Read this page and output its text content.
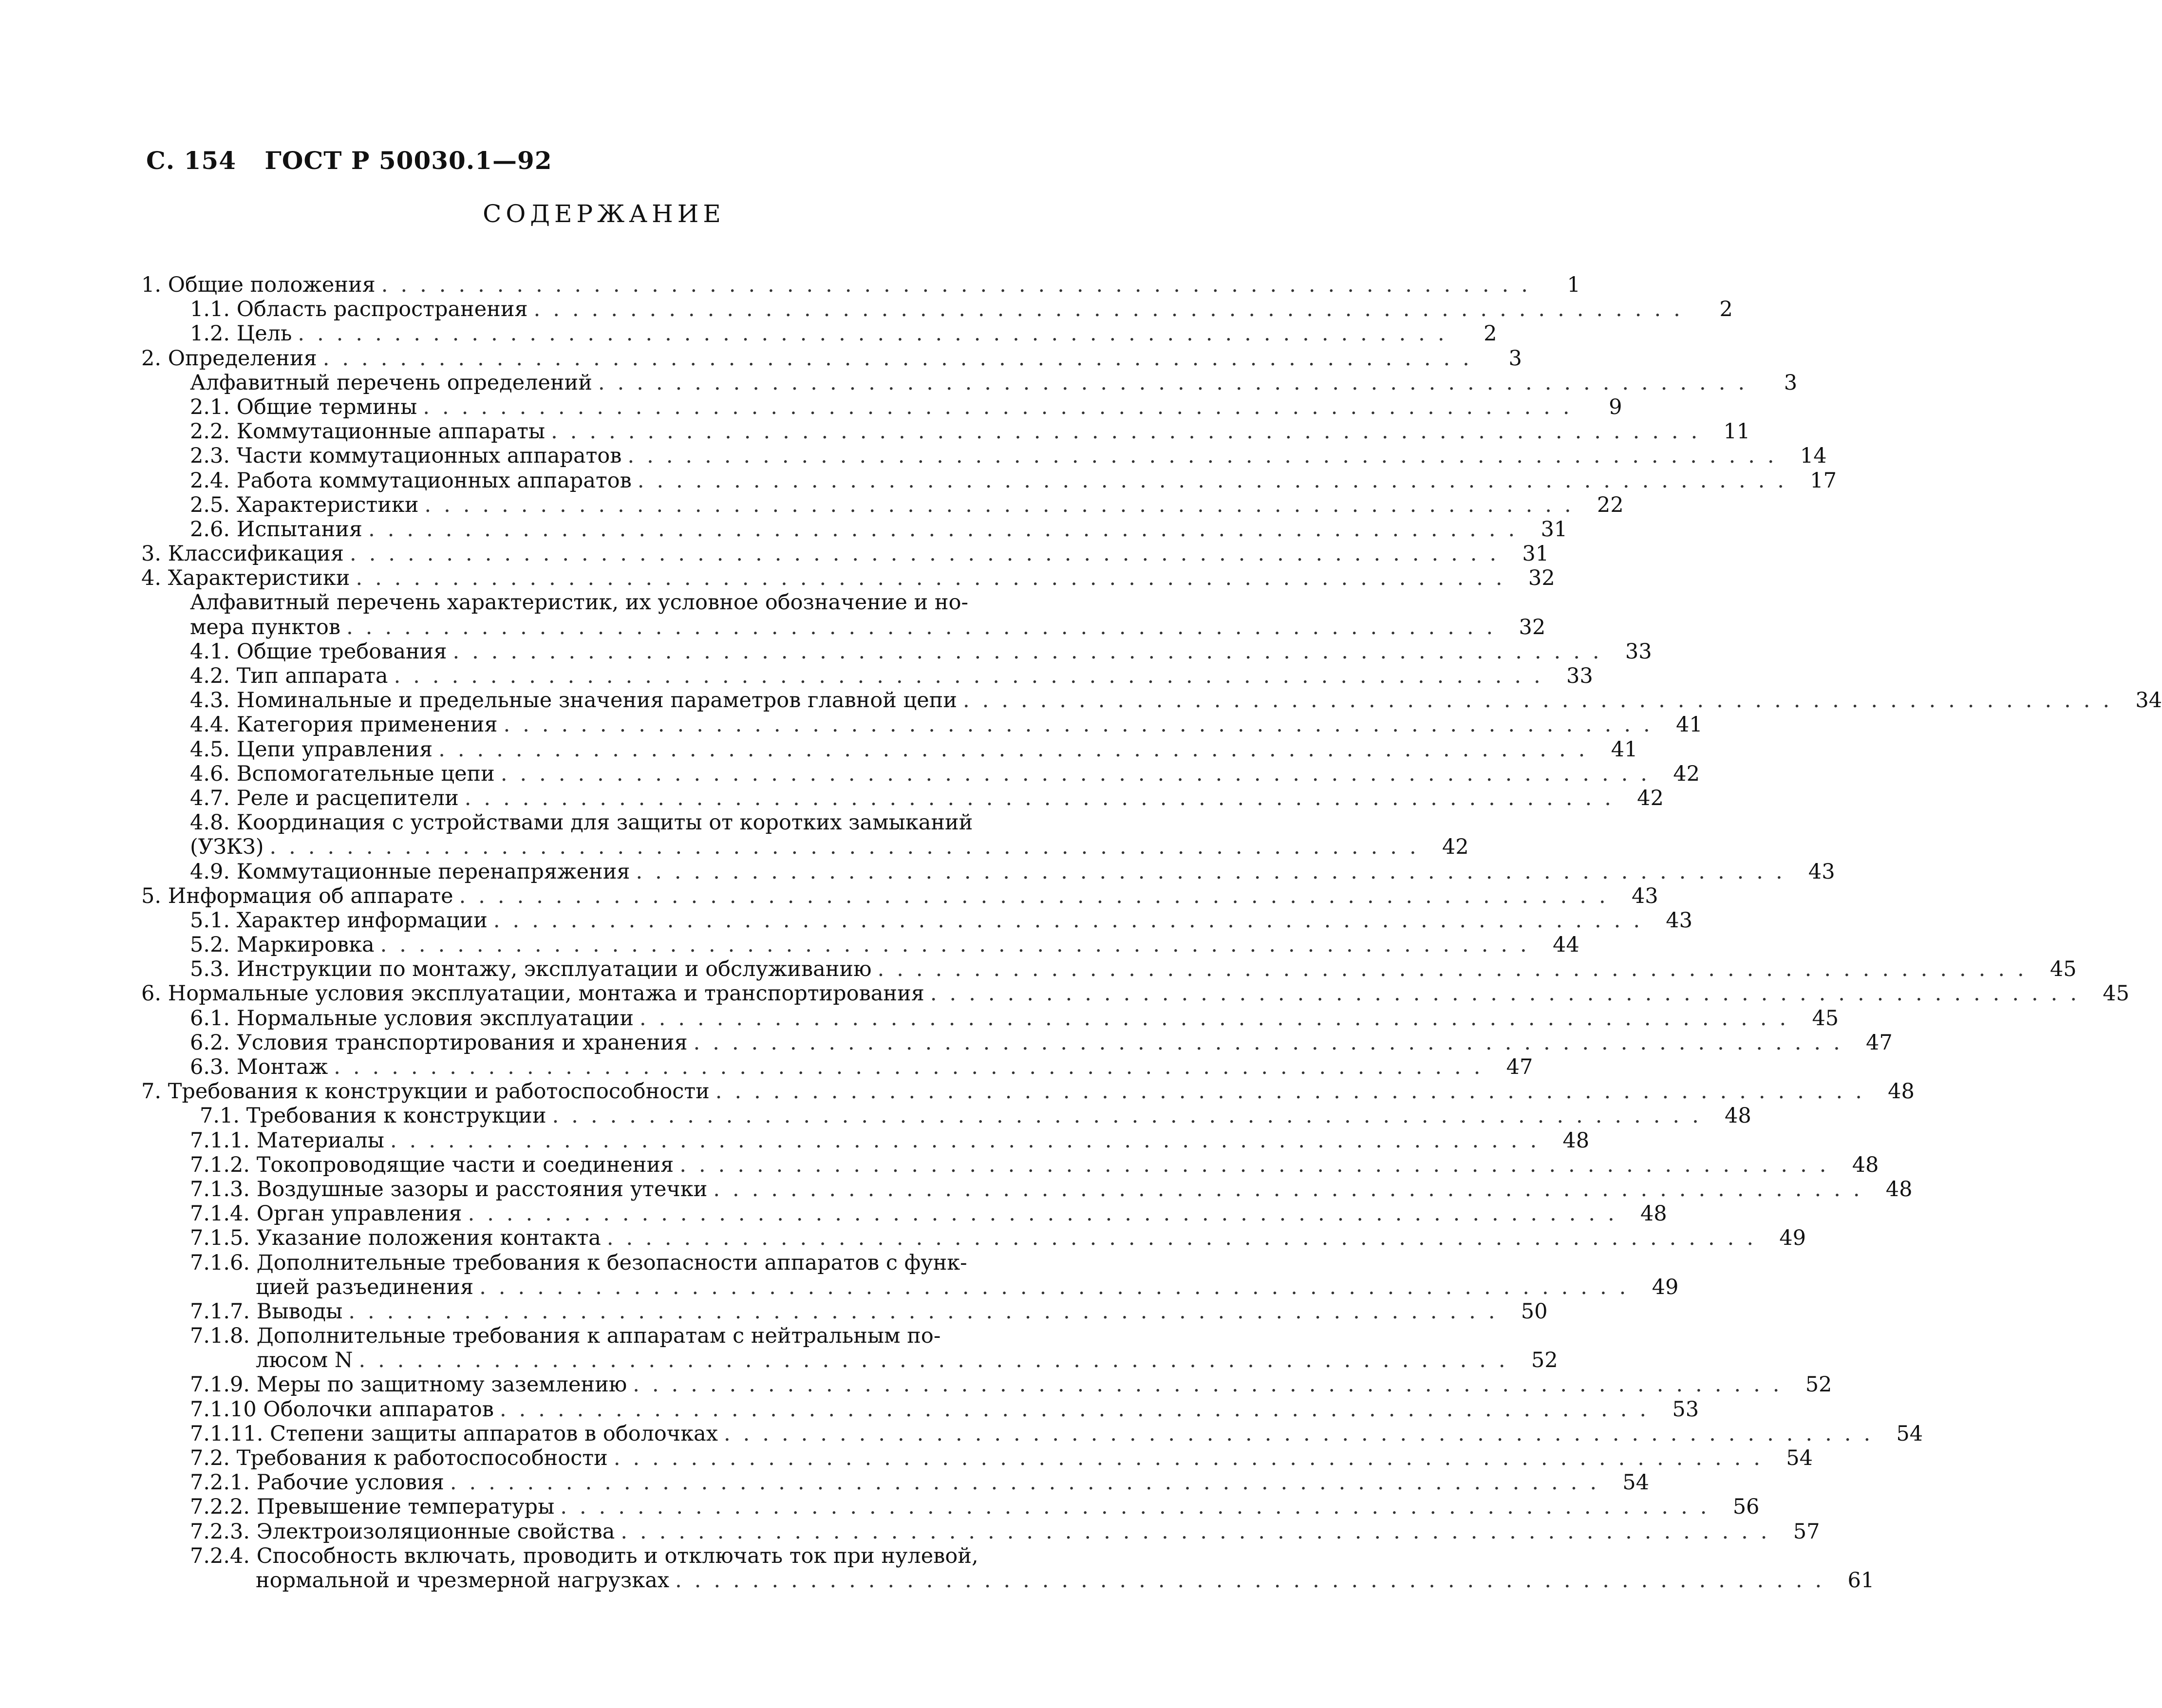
С. 154 ГОСТ Р 50030.1—92
СОДЕРЖАНИЕ
1. Общие положения ............................................................	1
1.1. Область распространения ............................................................	2
1.2. Цель ............................................................	2
2. Определения ............................................................	3
Алфавитный перечень определений ............................................................	3
2.1. Общие термины ............................................................	9
2.2. Коммутационные аппараты ............................................................ 11
2.3. Части коммутационных аппаратов ............................................................ 14
2.4. Работа коммутационных аппаратов ............................................................ 17
2.5. Характеристики ............................................................ 22
2.6. Испытания ............................................................ 31
3. Классификация ............................................................ 31
4. Характеристики ............................................................ 32
Алфавитный перечень характеристик, их условное обозначение и но-
мера пунктов ............................................................ 32
4.1. Общие требования ............................................................ 33
4.2. Тип аппарата ............................................................ 33
4.3. Номинальные и предельные значения параметров главной цепи ............................................................ 34
4.4. Категория применения ............................................................ 41
4.5. Цепи управления ............................................................ 41
4.6. Вспомогательные цепи ............................................................ 42
4.7. Реле и расцепители ............................................................ 42
4.8. Координация с устройствами для защиты от коротких замыканий
(УЗКЗ) ............................................................ 42
4.9. Коммутационные перенапряжения ............................................................ 43
5. Информация об аппарате ............................................................ 43
5.1. Характер информации ............................................................ 43
5.2. Маркировка ............................................................ 44
5.3. Инструкции по монтажу, эксплуатации и обслуживанию ............................................................ 45
6. Нормальные условия эксплуатации, монтажа и транспортирования ............................................................ 45
6.1. Нормальные условия эксплуатации ............................................................ 45
6.2. Условия транспортирования и хранения ............................................................ 47
6.3. Монтаж ............................................................ 47
7. Требования к конструкции и работоспособности ............................................................ 48
7.1. Требования к конструкции ............................................................ 48
7.1.1. Материалы ............................................................ 48
7.1.2. Токопроводящие части и соединения ............................................................ 48
7.1.3. Воздушные зазоры и расстояния утечки ............................................................ 48
7.1.4. Орган управления ............................................................ 48
7.1.5. Указание положения контакта ............................................................ 49
7.1.6. Дополнительные требования к безопасности аппаратов с функ-
цией разъединения ............................................................ 49
7.1.7. Выводы ............................................................ 50
7.1.8. Дополнительные требования к аппаратам с нейтральным по-
люсом N ............................................................ 52
7.1.9. Меры по защитному заземлению ............................................................ 52
7.1.10 Оболочки аппаратов ............................................................ 53
7.1.11. Степени защиты аппаратов в оболочках ............................................................ 54
7.2. Требования к работоспособности ............................................................ 54
7.2.1. Рабочие условия ............................................................ 54
7.2.2. Превышение температуры ............................................................ 56
7.2.3. Электроизоляционные свойства ............................................................ 57
7.2.4. Способность включать, проводить и отключать ток при нулевой,
нормальной и чрезмерной нагрузках ............................................................ 61
